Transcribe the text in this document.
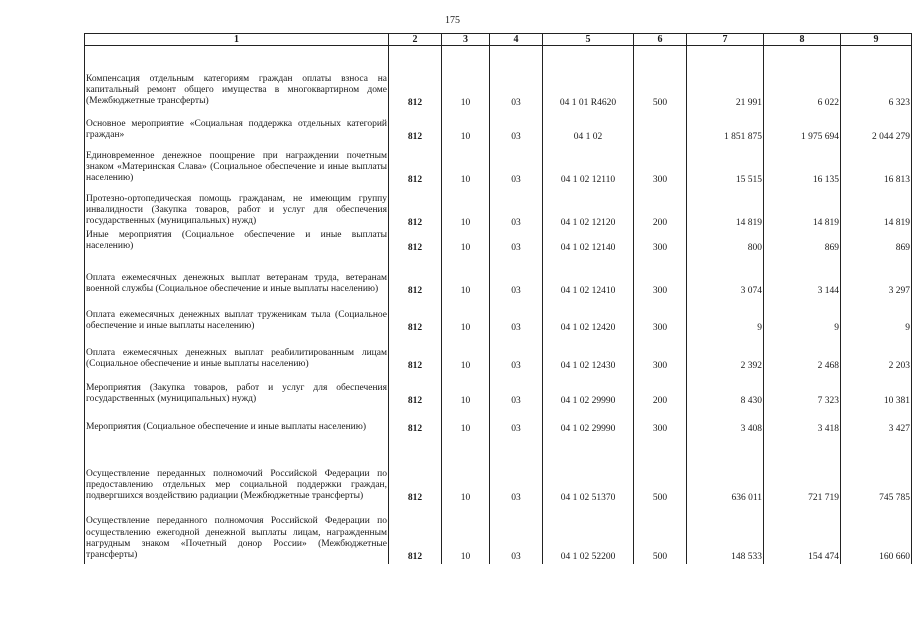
175
1	2	3	4	5	6	7	8	9
Компенсация отдельным категориям граждан оплаты взноса на капитальный ремонт общего имущества в многоквартирном доме (Межбюджетные трансферты)	812	10	03	04 1 01 R4620	500	21 991	6 022	6 323
Основное мероприятие «Социальная поддержка отдельных категорий граждан»	812	10	03	04 1 02		1 851 875	1 975 694	2 044 279
Единовременное денежное поощрение при награждении почетным знаком «Материнская Слава» (Социальное обеспечение и иные выплаты населению)	812	10	03	04 1 02 12110	300	15 515	16 135	16 813
Протезно-ортопедическая помощь гражданам, не имеющим группу инвалидности (Закупка товаров, работ и услуг для обеспечения государственных (муниципальных) нужд)	812	10	03	04 1 02 12120	200	14 819	14 819	14 819
Иные мероприятия (Социальное обеспечение и иные выплаты населению)	812	10	03	04 1 02 12140	300	800	869	869
Оплата ежемесячных денежных выплат ветеранам труда, ветеранам военной службы (Социальное обеспечение и иные выплаты населению)	812	10	03	04 1 02 12410	300	3 074	3 144	3 297
Оплата ежемесячных денежных выплат труженикам тыла (Социальное обеспечение и иные выплаты населению)	812	10	03	04 1 02 12420	300	9	9	9
Оплата ежемесячных денежных выплат реабилитированным лицам (Социальное обеспечение и иные выплаты населению)	812	10	03	04 1 02 12430	300	2 392	2 468	2 203
Мероприятия (Закупка товаров, работ и услуг для обеспечения государственных (муниципальных) нужд)	812	10	03	04 1 02 29990	200	8 430	7 323	10 381
Мероприятия (Социальное обеспечение и иные выплаты населению)	812	10	03	04 1 02 29990	300	3 408	3 418	3 427
Осуществление переданных полномочий Российской Федерации по предоставлению отдельных мер социальной поддержки граждан, подвергшихся воздействию радиации (Межбюджетные трансферты)	812	10	03	04 1 02 51370	500	636 011	721 719	745 785
Осуществление переданного полномочия Российской Федерации по осуществлению ежегодной денежной выплаты лицам, награжденным нагрудным знаком «Почетный донор России» (Межбюджетные трансферты)	812	10	03	04 1 02 52200	500	148 533	154 474	160 660
